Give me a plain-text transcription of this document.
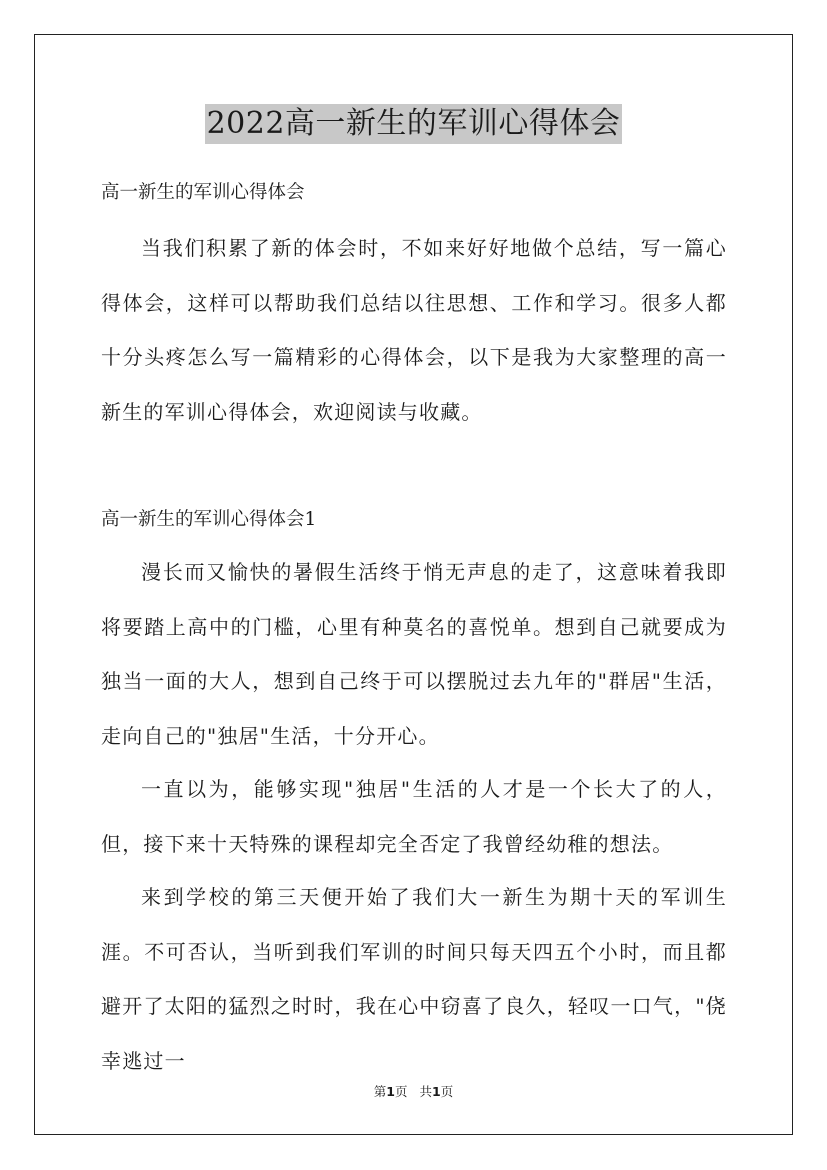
2022高一新生的军训心得体会
高一新生的军训心得体会

当我们积累了新的体会时，不如来好好地做个总结，写一篇心得体会，这样可以帮助我们总结以往思想、工作和学习。很多人都十分头疼怎么写一篇精彩的心得体会，以下是我为大家整理的高一新生的军训心得体会，欢迎阅读与收藏。

高一新生的军训心得体会1

漫长而又愉快的暑假生活终于悄无声息的走了，这意味着我即将要踏上高中的门槛，心里有种莫名的喜悦单。想到自己就要成为独当一面的大人，想到自己终于可以摆脱过去九年的"群居"生活，走向自己的"独居"生活，十分开心。

一直以为，能够实现"独居"生活的人才是一个长大了的人，但，接下来十天特殊的课程却完全否定了我曾经幼稚的想法。

来到学校的第三天便开始了我们大一新生为期十天的军训生涯。不可否认，当听到我们军训的时间只每天四五个小时，而且都避开了太阳的猛烈之时时，我在心中窃喜了良久，轻叹一口气，"侥幸逃过一

第1页 共1页
